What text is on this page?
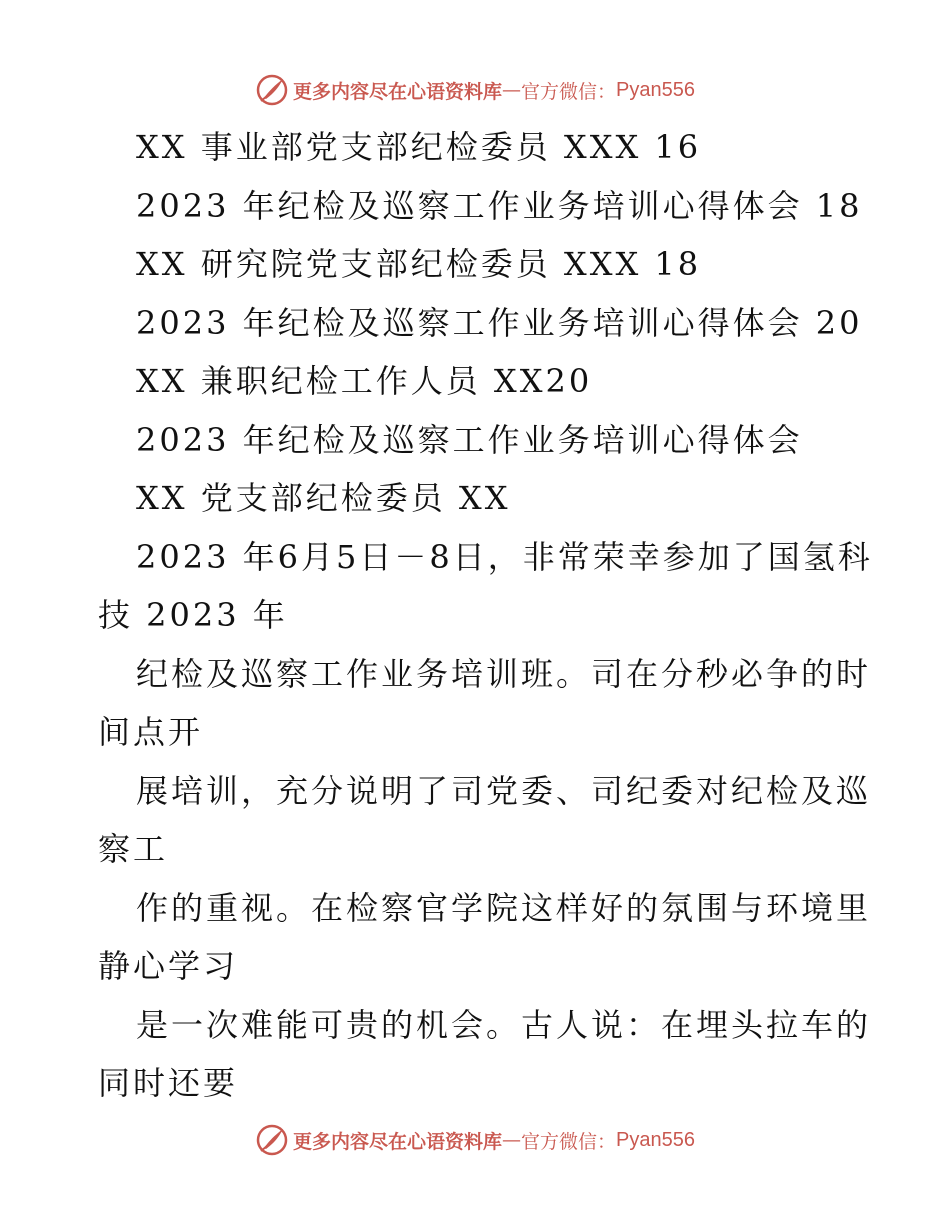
更多内容尽在心语资料库 — 官方微信： Pyan556
XX 事业部党支部纪检委员 XXX 16
2023 年纪检及巡察工作业务培训心得体会 18
XX 研究院党支部纪检委员 XXX 18
2023 年纪检及巡察工作业务培训心得体会 20
XX 兼职纪检工作人员 XX20
2023 年纪检及巡察工作业务培训心得体会
XX 党支部纪检委员 XX
2023 年6月5日－8日，非常荣幸参加了国氢科
技 2023 年
纪检及巡察工作业务培训班。司在分秒必争的时
间点开
展培训，充分说明了司党委、司纪委对纪检及巡
察工
作的重视。在检察官学院这样好的氛围与环境里
静心学习
是一次难能可贵的机会。古人说：在埋头拉车的
同时还要
更多内容尽在心语资料库 — 官方微信： Pyan556
